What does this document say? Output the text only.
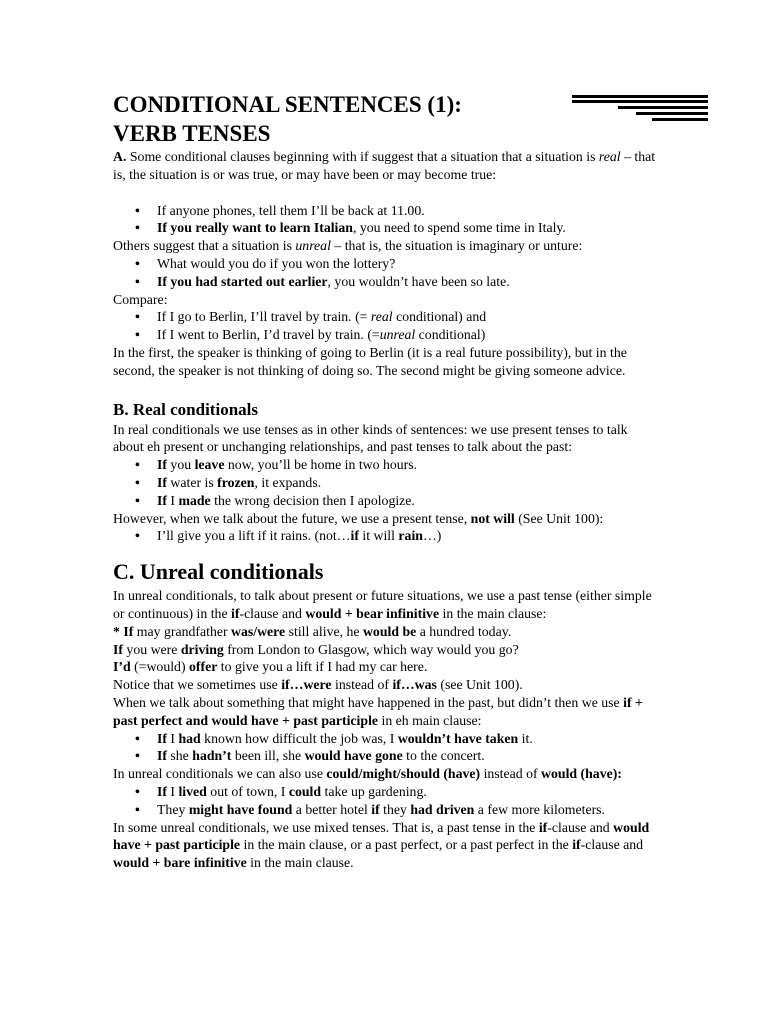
CONDITIONAL SENTENCES (1):
VERB TENSES

A. Some conditional clauses beginning with if suggest that a situation that a situation is real – that is, the situation is or was true, or may have been or may become true:

• If anyone phones, tell them I’ll be back at 11.00.
• If you really want to learn Italian, you need to spend some time in Italy.

Others suggest that a situation is unreal – that is, the situation is imaginary or unture:

• What would you do if you won the lottery?
• If you had started out earlier, you wouldn’t have been so late.

Compare:

• If I go to Berlin, I’ll travel by train. (= real conditional) and
• If I went to Berlin, I’d travel by train. (=unreal conditional)

In the first, the speaker is thinking of going to Berlin (it is a real future possibility), but in the second, the speaker is not thinking of doing so. The second might be giving someone advice.

B. Real conditionals

In real conditionals we use tenses as in other kinds of sentences: we use present tenses to talk about eh present or unchanging relationships, and past tenses to talk about the past:

• If you leave now, you’ll be home in two hours.
• If water is frozen, it expands.
• If I made the wrong decision then I apologize.

However, when we talk about the future, we use a present tense, not will (See Unit 100):

• I’ll give you a lift if it rains. (not…if it will rain…)
C. Unreal conditionals

In unreal conditionals, to talk about present or future situations, we use a past tense (either simple or continuous) in the if-clause and would + bear infinitive in the main clause:

* If may grandfather was/were still alive, he would be a hundred today.

If you were driving from London to Glasgow, which way would you go?

I’d (=would) offer to give you a lift if I had my car here.

Notice that we sometimes use if…were instead of if…was (see Unit 100).

When we talk about something that might have happened in the past, but didn’t then we use if + past perfect and would have + past participle in eh main clause:

• If I had known how difficult the job was, I wouldn’t have taken it.
• If she hadn’t been ill, she would have gone to the concert.

In unreal conditionals we can also use could/might/should (have) instead of would (have):

• If I lived out of town, I could take up gardening.
• They might have found a better hotel if they had driven a few more kilometers.

In some unreal conditionals, we use mixed tenses. That is, a past tense in the if-clause and would have + past participle in the main clause, or a past perfect, or a past perfect in the if-clause and would + bare infinitive in the main clause.
